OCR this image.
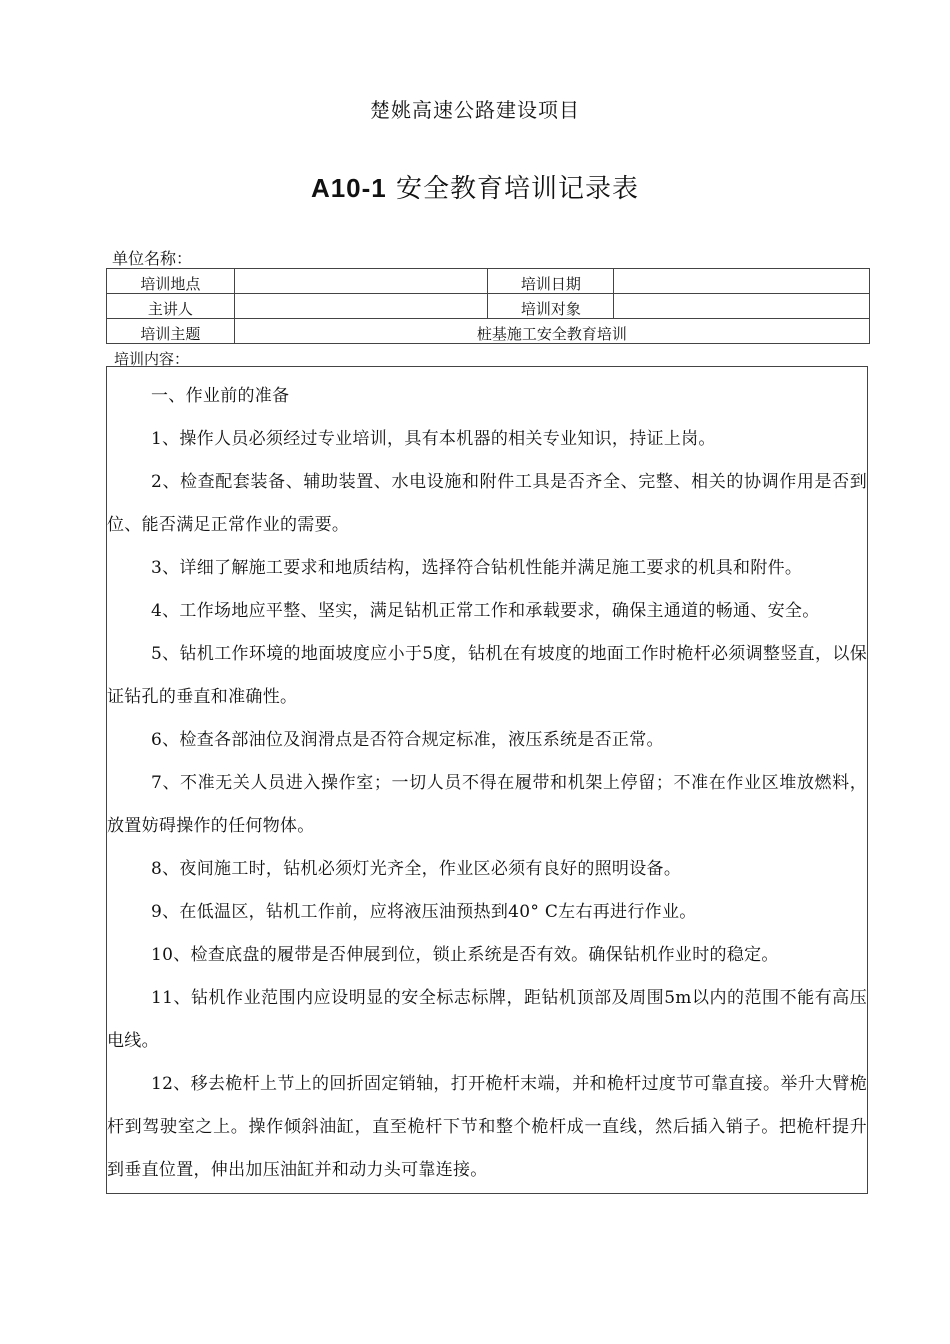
楚姚高速公路建设项目
A10-1 安全教育培训记录表
单位名称：
培训地点		培训日期	
主讲人		培训对象	
培训主题	桩基施工安全教育培训		
培训内容：

一、作业前的准备

1、操作人员必须经过专业培训，具有本机器的相关专业知识，持证上岗。

2、检查配套装备、辅助装置、水电设施和附件工具是否齐全、完整、相关的协调作用是否到位、能否满足正常作业的需要。

3、详细了解施工要求和地质结构，选择符合钻机性能并满足施工要求的机具和附件。

4、工作场地应平整、坚实，满足钻机正常工作和承载要求，确保主通道的畅通、安全。

5、钻机工作环境的地面坡度应小于5度，钻机在有坡度的地面工作时桅杆必须调整竖直，以保证钻孔的垂直和准确性。

6、检查各部油位及润滑点是否符合规定标准，液压系统是否正常。

7、不准无关人员进入操作室；一切人员不得在履带和机架上停留；不准在作业区堆放燃料，放置妨碍操作的任何物体。

8、夜间施工时，钻机必须灯光齐全，作业区必须有良好的照明设备。

9、在低温区，钻机工作前，应将液压油预热到40° C左右再进行作业。

10、检查底盘的履带是否伸展到位，锁止系统是否有效。确保钻机作业时的稳定。

11、钻机作业范围内应设明显的安全标志标牌，距钻机顶部及周围5m以内的范围不能有高压电线。

12、移去桅杆上节上的回折固定销轴，打开桅杆末端，并和桅杆过度节可靠直接。举升大臂桅杆到驾驶室之上。操作倾斜油缸，直至桅杆下节和整个桅杆成一直线，然后插入销子。把桅杆提升到垂直位置，伸出加压油缸并和动力头可靠连接。
